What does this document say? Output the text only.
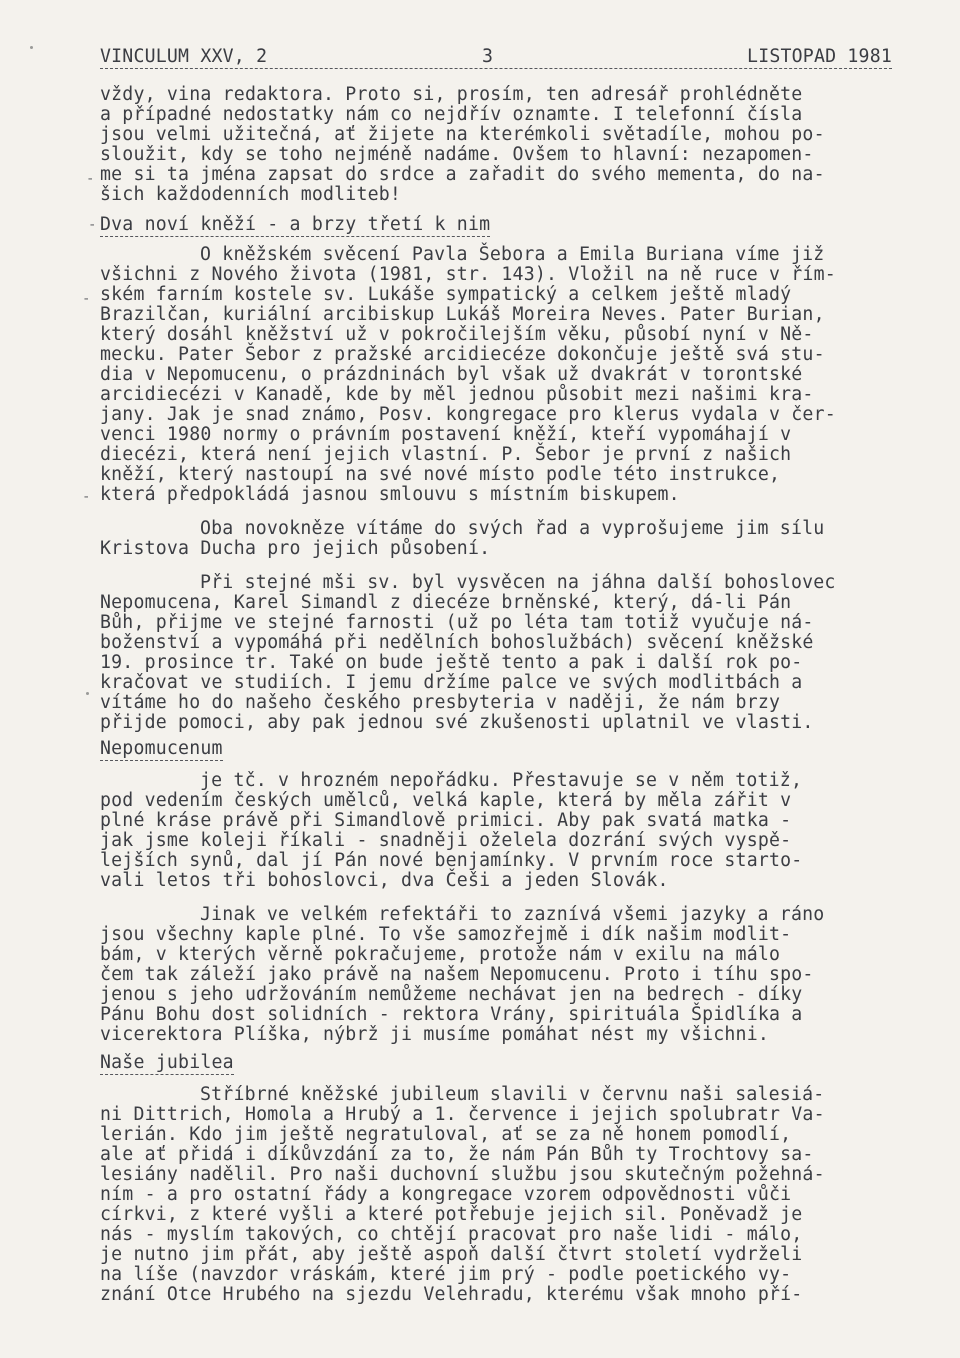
VINCULUM XXV, 2	3	LISTOPAD 1981
vždy, vina redaktora. Proto si, prosím, ten adresář prohlédněte
a případné nedostatky nám co nejdřív oznamte. I telefonní čísla
jsou velmi užitečná, ať žijete na kterémkoli světadíle, mohou po-
sloužit, kdy se toho nejméně nadáme. Ovšem to hlavní: nezapomen-
me si ta jména zapsat do srdce a zařadit do svého mementa, do na-
šich každodenních modliteb!
Dva noví kněží - a brzy třetí k nim
O kněžském svěcení Pavla Šebora a Emila Buriana víme již
všichni z Nového života (1981, str. 143). Vložil na ně ruce v řím-
ském farním kostele sv. Lukáše sympatický a celkem ještě mladý
Brazilčan, kuriální arcibiskup Lukáš Moreira Neves. Pater Burian,
který dosáhl kněžství už v pokročilejším věku, působí nyní v Ně-
mecku. Pater Šebor z pražské arcidiecéze dokončuje ještě svá stu-
dia v Nepomucenu, o prázdninách byl však už dvakrát v torontské
arcidiecézi v Kanadě, kde by měl jednou působit mezi našimi kra-
jany. Jak je snad známo, Posv. kongregace pro klerus vydala v čer-
venci 1980 normy o právním postavení kněží, kteří vypomáhají v
diecézi, která není jejich vlastní. P. Šebor je první z našich
kněží, který nastoupí na své nové místo podle této instrukce,
která předpokládá jasnou smlouvu s místním biskupem.
Oba novokněze vítáme do svých řad a vyprošujeme jim sílu
Kristova Ducha pro jejich působení.
Při stejné mši sv. byl vysvěcen na jáhna další bohoslovec
Nepomucena, Karel Simandl z diecéze brněnské, který, dá-li Pán
Bůh, přijme ve stejné farnosti (už po léta tam totiž vyučuje ná-
boženství a vypomáhá při nedělních bohoslužbách) svěcení kněžské
19. prosince tr. Také on bude ještě tento a pak i další rok po-
kračovat ve studiích. I jemu držíme palce ve svých modlitbách a
vítáme ho do našeho českého presbyteria v naději, že nám brzy
přijde pomoci, aby pak jednou své zkušenosti uplatnil ve vlasti.
Nepomucenum
je tč. v hrozném nepořádku. Přestavuje se v něm totiž,
pod vedením českých umělců, velká kaple, která by měla zářit v
plné kráse právě při Simandlově primici. Aby pak svatá matka -
jak jsme koleji říkali - snadněji oželela dozrání svých vyspě-
lejších synů, dal jí Pán nové benjamínky. V prvním roce starto-
vali letos tři bohoslovci, dva Češi a jeden Slovák.
Jinak ve velkém refektáři to zaznívá všemi jazyky a ráno
jsou všechny kaple plné. To vše samozřejmě i dík našim modlit-
bám, v kterých věrně pokračujeme, protože nám v exilu na málo
čem tak záleží jako právě na našem Nepomucenu. Proto i tíhu spo-
jenou s jeho udržováním nemůžeme nechávat jen na bedrech - díky
Pánu Bohu dost solidních - rektora Vrány, spirituála Špidlíka a
vicerektora Plíška, nýbrž ji musíme pomáhat nést my všichni.
Naše jubilea
Stříbrné kněžské jubileum slavili v červnu naši salesiá-
ni Dittrich, Homola a Hrubý a 1. července i jejich spolubratr Va-
lerián. Kdo jim ještě negratuloval, ať se za ně honem pomodlí,
ale ať přidá i díkůvzdání za to, že nám Pán Bůh ty Trochtovy sa-
lesiány nadělil. Pro naši duchovní službu jsou skutečným požehná-
ním - a pro ostatní řády a kongregace vzorem odpovědnosti vůči
církvi, z které vyšli a které potřebuje jejich sil. Poněvadž je
nás - myslím takových, co chtějí pracovat pro naše lidi - málo,
je nutno jim přát, aby ještě aspoň další čtvrt století vydrželi
na líše (navzdor vráskám, které jim prý - podle poetického vy-
znání Otce Hrubého na sjezdu Velehradu, kterému však mnoho pří-
-
-
-
-
